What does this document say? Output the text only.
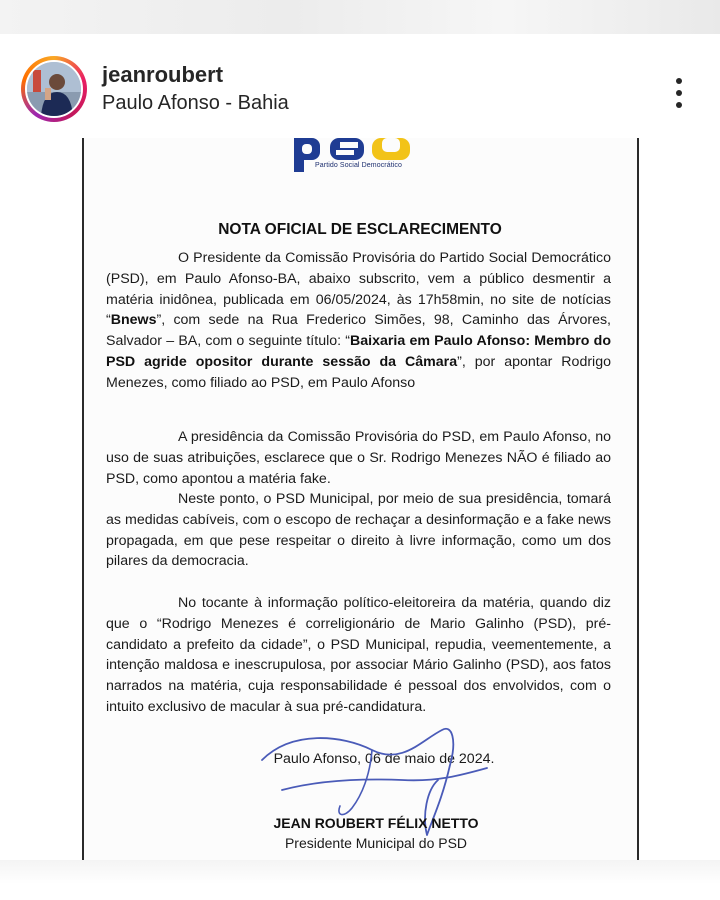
jeanroubert
Paulo Afonso - Bahia
Partido Social Democrático
NOTA OFICIAL DE ESCLARECIMENTO
O Presidente da Comissão Provisória do Partido Social Democrático (PSD), em Paulo Afonso-BA, abaixo subscrito, vem a público desmentir a matéria inidônea, publicada em 06/05/2024, às 17h58min, no site de notícias “Bnews”, com sede na Rua Frederico Simões, 98, Caminho das Árvores, Salvador – BA, com o seguinte título: “Baixaria em Paulo Afonso: Membro do PSD agride opositor durante sessão da Câmara”, por apontar Rodrigo Menezes, como filiado ao PSD, em Paulo Afonso
A presidência da Comissão Provisória do PSD, em Paulo Afonso, no uso de suas atribuições, esclarece que o Sr. Rodrigo Menezes NÃO é filiado ao PSD, como apontou a matéria fake.
Neste ponto, o PSD Municipal, por meio de sua presidência, tomará as medidas cabíveis, com o escopo de rechaçar a desinformação e a fake news propagada, em que pese respeitar o direito à livre informação, como um dos pilares da democracia.
No tocante à informação político-eleitoreira da matéria, quando diz que o “Rodrigo Menezes é correligionário de Mario Galinho (PSD), pré-candidato a prefeito da cidade”, o PSD Municipal, repudia, veementemente, a intenção maldosa e inescrupulosa, por associar Mário Galinho (PSD), aos fatos narrados na matéria, cuja responsabilidade é pessoal dos envolvidos, com o intuito exclusivo de macular à sua pré-candidatura.
Paulo Afonso, 06 de maio de 2024.
JEAN ROUBERT FÉLIX NETTO
Presidente Municipal do PSD
